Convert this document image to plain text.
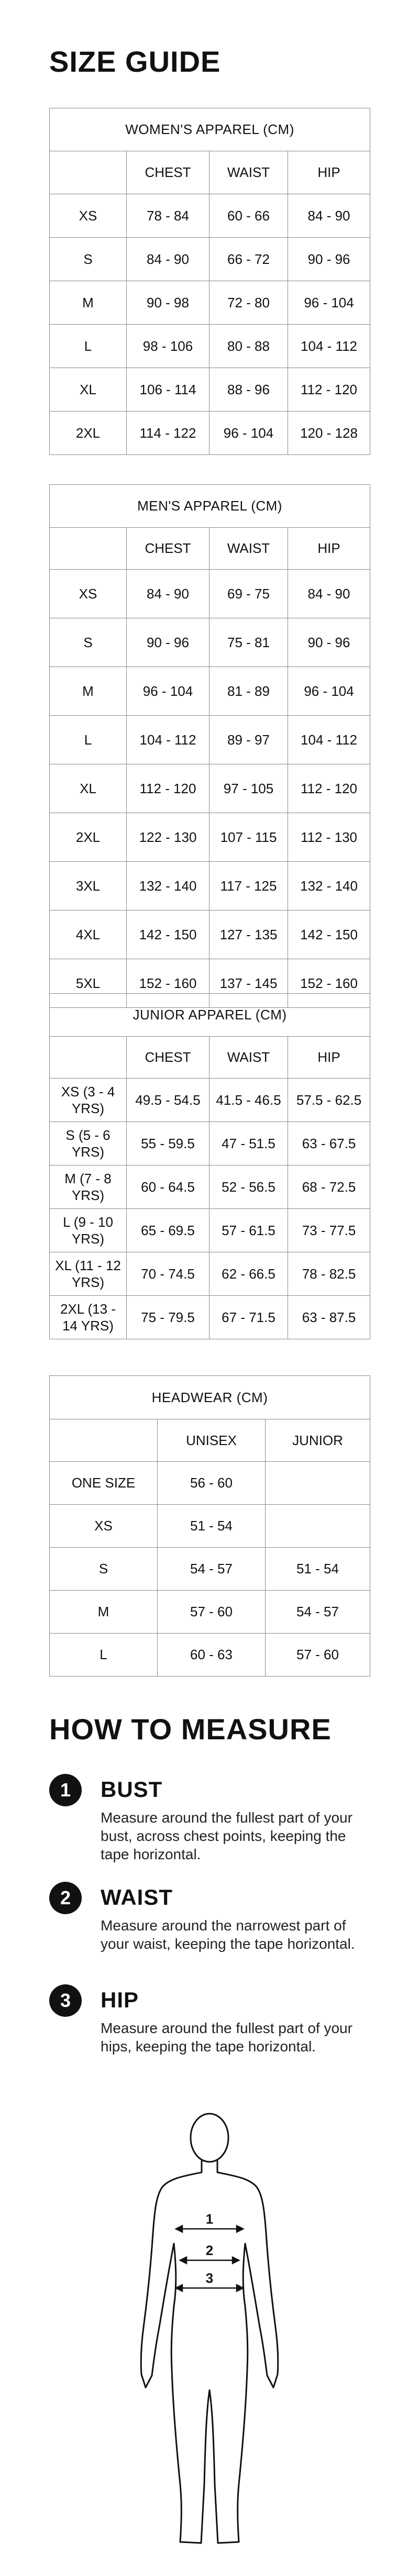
SIZE GUIDE
WOMEN'S APPAREL (CM)			
	CHEST	WAIST	HIP
XS	78 - 84	60 - 66	84 - 90
S	84 - 90	66 - 72	90 - 96
M	90 - 98	72 - 80	96 - 104
L	98 - 106	80 - 88	104 - 112
XL	106 - 114	88 - 96	112 - 120
2XL	114 - 122	96 - 104	120 - 128
MEN'S APPAREL (CM)			
	CHEST	WAIST	HIP
XS	84 - 90	69 - 75	84 - 90
S	90 - 96	75 - 81	90 - 96
M	96 - 104	81 - 89	96 - 104
L	104 - 112	89 - 97	104 - 112
XL	112 - 120	97 - 105	112 - 120
2XL	122 - 130	107 - 115	112 - 130
3XL	132 - 140	117 - 125	132 - 140
4XL	142 - 150	127 - 135	142 - 150
5XL	152 - 160	137 - 145	152 - 160
JUNIOR APPAREL (CM)			
	CHEST	WAIST	HIP
XS (3 - 4 YRS)	49.5 - 54.5	41.5 - 46.5	57.5 - 62.5
S (5 - 6 YRS)	55 - 59.5	47 - 51.5	63 - 67.5
M (7 - 8 YRS)	60 - 64.5	52 - 56.5	68 - 72.5
L (9 - 10 YRS)	65 - 69.5	57 - 61.5	73 - 77.5
XL (11 - 12 YRS)	70 - 74.5	62 - 66.5	78 - 82.5
2XL (13 - 14 YRS)	75 - 79.5	67 - 71.5	63 - 87.5
HEADWEAR (CM)		
	UNISEX	JUNIOR
ONE SIZE	56 - 60	
XS	51 - 54	
S	54 - 57	51 - 54
M	57 - 60	54 - 57
L	60 - 63	57 - 60
HOW TO MEASURE
1	BUST

Measure around the fullest part of your bust, across chest points, keeping the tape horizontal.

2	WAIST

Measure around the narrowest part of your waist, keeping the tape horizontal.

3	HIP

Measure around the fullest part of your hips, keeping the tape horizontal.

1
2
3
